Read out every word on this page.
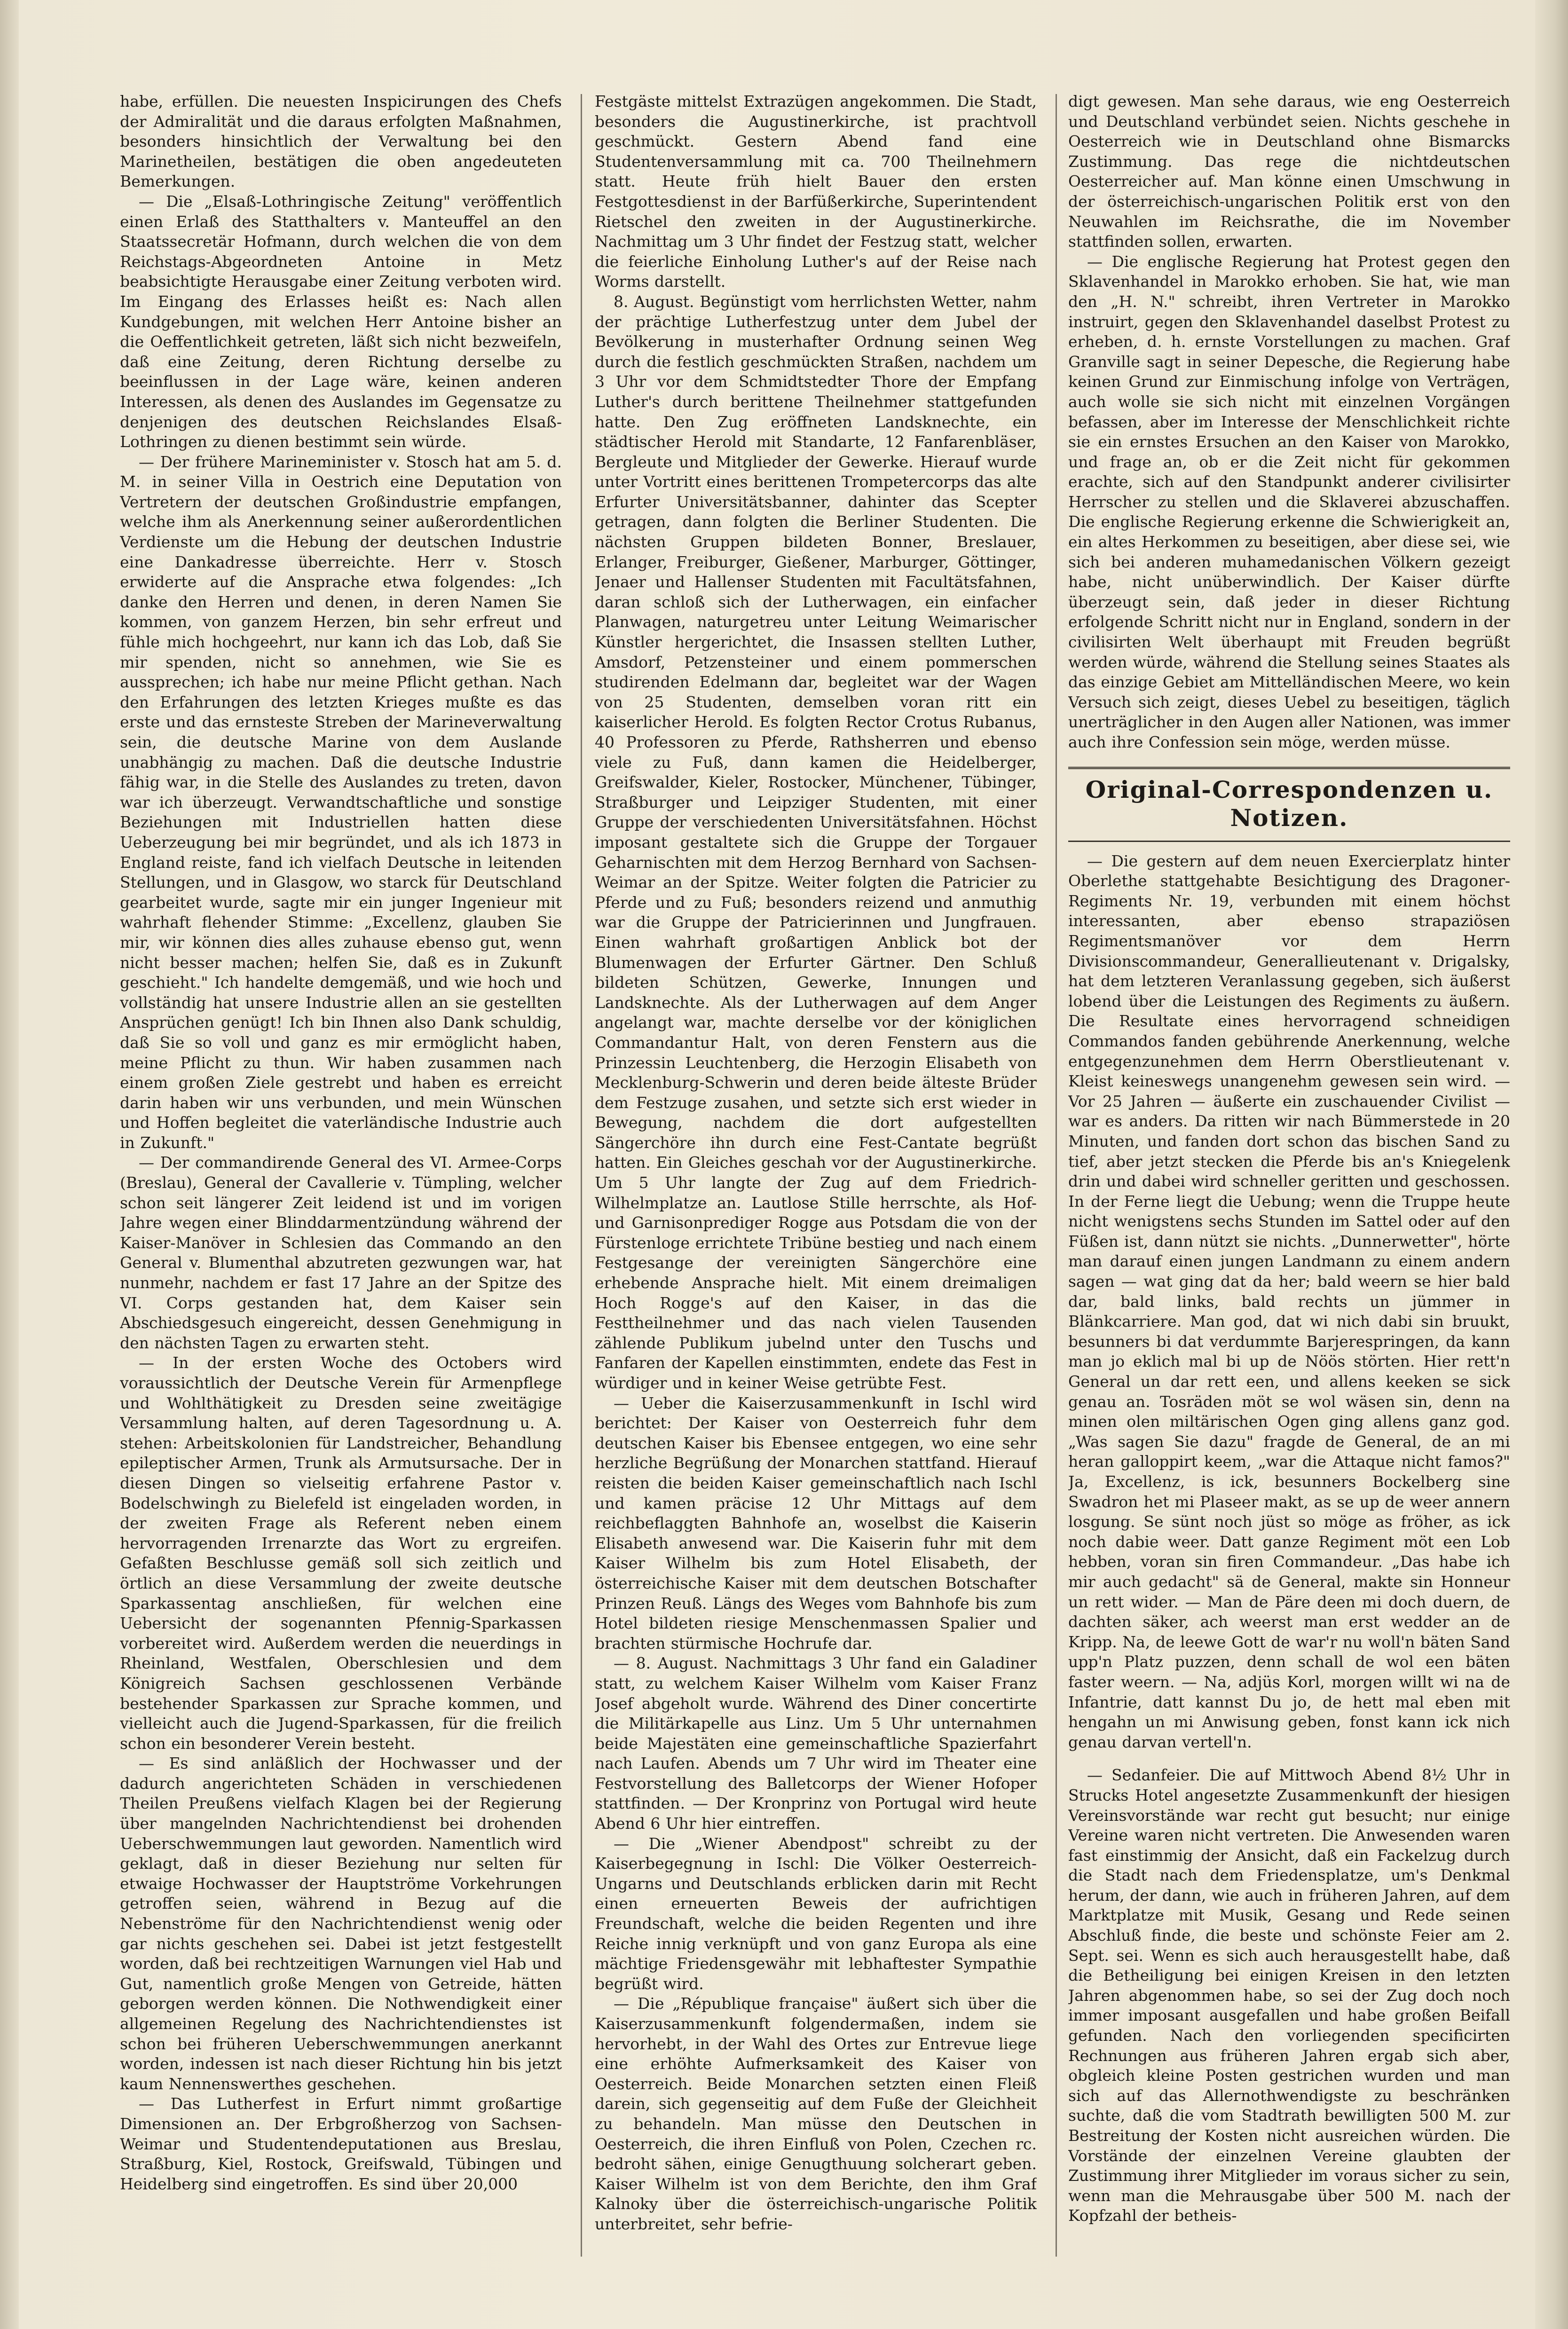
habe, erfüllen. Die neuesten Inspicirungen des Chefs der Admiralität und die daraus erfolgten Maßnahmen, besonders hinsichtlich der Verwaltung bei den Marinetheilen, bestätigen die oben angedeuteten Bemerkungen.

— Die „Elsaß-Lothringische Zeitung" veröffentlich einen Erlaß des Statthalters v. Manteuffel an den Staatssecretär Hofmann, durch welchen die von dem Reichstags-Abgeordneten Antoine in Metz beabsichtigte Herausgabe einer Zeitung verboten wird. Im Eingang des Erlasses heißt es: Nach allen Kundgebungen, mit welchen Herr Antoine bisher an die Oeffentlichkeit getreten, läßt sich nicht bezweifeln, daß eine Zeitung, deren Richtung derselbe zu beeinflussen in der Lage wäre, keinen anderen Interessen, als denen des Auslandes im Gegensatze zu denjenigen des deutschen Reichslandes Elsaß-Lothringen zu dienen bestimmt sein würde.

— Der frühere Marineminister v. Stosch hat am 5. d. M. in seiner Villa in Oestrich eine Deputation von Vertretern der deutschen Großindustrie empfangen, welche ihm als Anerkennung seiner außerordentlichen Verdienste um die Hebung der deutschen Industrie eine Dankadresse überreichte. Herr v. Stosch erwiderte auf die Ansprache etwa folgendes: „Ich danke den Herren und denen, in deren Namen Sie kommen, von ganzem Herzen, bin sehr erfreut und fühle mich hochgeehrt, nur kann ich das Lob, daß Sie mir spenden, nicht so annehmen, wie Sie es aussprechen; ich habe nur meine Pflicht gethan. Nach den Erfahrungen des letzten Krieges mußte es das erste und das ernsteste Streben der Marineverwaltung sein, die deutsche Marine von dem Auslande unabhängig zu machen. Daß die deutsche Industrie fähig war, in die Stelle des Auslandes zu treten, davon war ich überzeugt. Verwandtschaftliche und sonstige Beziehungen mit Industriellen hatten diese Ueberzeugung bei mir begründet, und als ich 1873 in England reiste, fand ich vielfach Deutsche in leitenden Stellungen, und in Glasgow, wo starck für Deutschland gearbeitet wurde, sagte mir ein junger Ingenieur mit wahrhaft flehender Stimme: „Excellenz, glauben Sie mir, wir können dies alles zuhause ebenso gut, wenn nicht besser machen; helfen Sie, daß es in Zukunft geschieht." Ich handelte demgemäß, und wie hoch und vollständig hat unsere Industrie allen an sie gestellten Ansprüchen genügt! Ich bin Ihnen also Dank schuldig, daß Sie so voll und ganz es mir ermöglicht haben, meine Pflicht zu thun. Wir haben zusammen nach einem großen Ziele gestrebt und haben es erreicht darin haben wir uns verbunden, und mein Wünschen und Hoffen begleitet die vaterländische Industrie auch in Zukunft."

— Der commandirende General des VI. Armee-Corps (Breslau), General der Cavallerie v. Tümpling, welcher schon seit längerer Zeit leidend ist und im vorigen Jahre wegen einer Blinddarmentzündung während der Kaiser-Manöver in Schlesien das Commando an den General v. Blumenthal abzutreten gezwungen war, hat nunmehr, nachdem er fast 17 Jahre an der Spitze des VI. Corps gestanden hat, dem Kaiser sein Abschiedsgesuch eingereicht, dessen Genehmigung in den nächsten Tagen zu erwarten steht.

— In der ersten Woche des Octobers wird voraussichtlich der Deutsche Verein für Armenpflege und Wohlthätigkeit zu Dresden seine zweitägige Versammlung halten, auf deren Tagesordnung u. A. stehen: Arbeitskolonien für Landstreicher, Behandlung epileptischer Armen, Trunk als Armutsursache. Der in diesen Dingen so vielseitig erfahrene Pastor v. Bodelschwingh zu Bielefeld ist eingeladen worden, in der zweiten Frage als Referent neben einem hervorragenden Irrenarzte das Wort zu ergreifen. Gefaßten Beschlusse gemäß soll sich zeitlich und örtlich an diese Versammlung der zweite deutsche Sparkassentag anschließen, für welchen eine Uebersicht der sogenannten Pfennig-Sparkassen vorbereitet wird. Außerdem werden die neuerdings in Rheinland, Westfalen, Oberschlesien und dem Königreich Sachsen geschlossenen Verbände bestehender Sparkassen zur Sprache kommen, und vielleicht auch die Jugend-Sparkassen, für die freilich schon ein besonderer Verein besteht.

— Es sind anläßlich der Hochwasser und der dadurch angerichteten Schäden in verschiedenen Theilen Preußens vielfach Klagen bei der Regierung über mangelnden Nachrichtendienst bei drohenden Ueberschwemmungen laut geworden. Namentlich wird geklagt, daß in dieser Beziehung nur selten für etwaige Hochwasser der Hauptströme Vorkehrungen getroffen seien, während in Bezug auf die Nebenströme für den Nachrichtendienst wenig oder gar nichts geschehen sei. Dabei ist jetzt festgestellt worden, daß bei rechtzeitigen Warnungen viel Hab und Gut, namentlich große Mengen von Getreide, hätten geborgen werden können. Die Nothwendigkeit einer allgemeinen Regelung des Nachrichtendienstes ist schon bei früheren Ueberschwemmungen anerkannt worden, indessen ist nach dieser Richtung hin bis jetzt kaum Nennenswerthes geschehen.

— Das Lutherfest in Erfurt nimmt großartige Dimensionen an. Der Erbgroßherzog von Sachsen-Weimar und Studentendeputationen aus Breslau, Straßburg, Kiel, Rostock, Greifswald, Tübingen und Heidelberg sind eingetroffen. Es sind über 20,000

Festgäste mittelst Extrazügen angekommen. Die Stadt, besonders die Augustinerkirche, ist prachtvoll geschmückt. Gestern Abend fand eine Studentenversammlung mit ca. 700 Theilnehmern statt. Heute früh hielt Bauer den ersten Festgottesdienst in der Barfüßerkirche, Superintendent Rietschel den zweiten in der Augustinerkirche. Nachmittag um 3 Uhr findet der Festzug statt, welcher die feierliche Einholung Luther's auf der Reise nach Worms darstellt.

8. August. Begünstigt vom herrlichsten Wetter, nahm der prächtige Lutherfestzug unter dem Jubel der Bevölkerung in musterhafter Ordnung seinen Weg durch die festlich geschmückten Straßen, nachdem um 3 Uhr vor dem Schmidtstedter Thore der Empfang Luther's durch berittene Theilnehmer stattgefunden hatte. Den Zug eröffneten Landsknechte, ein städtischer Herold mit Standarte, 12 Fanfarenbläser, Bergleute und Mitglieder der Gewerke. Hierauf wurde unter Vortritt eines berittenen Trompetercorps das alte Erfurter Universitätsbanner, dahinter das Scepter getragen, dann folgten die Berliner Studenten. Die nächsten Gruppen bildeten Bonner, Breslauer, Erlanger, Freiburger, Gießener, Marburger, Göttinger, Jenaer und Hallenser Studenten mit Facultätsfahnen, daran schloß sich der Lutherwagen, ein einfacher Planwagen, naturgetreu unter Leitung Weimarischer Künstler hergerichtet, die Insassen stellten Luther, Amsdorf, Petzensteiner und einem pommerschen studirenden Edelmann dar, begleitet war der Wagen von 25 Studenten, demselben voran ritt ein kaiserlicher Herold. Es folgten Rector Crotus Rubanus, 40 Professoren zu Pferde, Rathsherren und ebenso viele zu Fuß, dann kamen die Heidelberger, Greifswalder, Kieler, Rostocker, Münchener, Tübinger, Straßburger und Leipziger Studenten, mit einer Gruppe der verschiedenten Universitätsfahnen. Höchst imposant gestaltete sich die Gruppe der Torgauer Geharnischten mit dem Herzog Bernhard von Sachsen-Weimar an der Spitze. Weiter folgten die Patricier zu Pferde und zu Fuß; besonders reizend und anmuthig war die Gruppe der Patricierinnen und Jungfrauen. Einen wahrhaft großartigen Anblick bot der Blumenwagen der Erfurter Gärtner. Den Schluß bildeten Schützen, Gewerke, Innungen und Landsknechte. Als der Lutherwagen auf dem Anger angelangt war, machte derselbe vor der königlichen Commandantur Halt, von deren Fenstern aus die Prinzessin Leuchtenberg, die Herzogin Elisabeth von Mecklenburg-Schwerin und deren beide älteste Brüder dem Festzuge zusahen, und setzte sich erst wieder in Bewegung, nachdem die dort aufgestellten Sängerchöre ihn durch eine Fest-Cantate begrüßt hatten. Ein Gleiches geschah vor der Augustinerkirche. Um 5 Uhr langte der Zug auf dem Friedrich-Wilhelmplatze an. Lautlose Stille herrschte, als Hof- und Garnisonprediger Rogge aus Potsdam die von der Fürstenloge errichtete Tribüne bestieg und nach einem Festgesange der vereinigten Sängerchöre eine erhebende Ansprache hielt. Mit einem dreimaligen Hoch Rogge's auf den Kaiser, in das die Festtheilnehmer und das nach vielen Tausenden zählende Publikum jubelnd unter den Tuschs und Fanfaren der Kapellen einstimmten, endete das Fest in würdiger und in keiner Weise getrübte Fest.

— Ueber die Kaiserzusammenkunft in Ischl wird berichtet: Der Kaiser von Oesterreich fuhr dem deutschen Kaiser bis Ebensee entgegen, wo eine sehr herzliche Begrüßung der Monarchen stattfand. Hierauf reisten die beiden Kaiser gemeinschaftlich nach Ischl und kamen präcise 12 Uhr Mittags auf dem reichbeflaggten Bahnhofe an, woselbst die Kaiserin Elisabeth anwesend war. Die Kaiserin fuhr mit dem Kaiser Wilhelm bis zum Hotel Elisabeth, der österreichische Kaiser mit dem deutschen Botschafter Prinzen Reuß. Längs des Weges vom Bahnhofe bis zum Hotel bildeten riesige Menschenmassen Spalier und brachten stürmische Hochrufe dar.

— 8. August. Nachmittags 3 Uhr fand ein Galadiner statt, zu welchem Kaiser Wilhelm vom Kaiser Franz Josef abgeholt wurde. Während des Diner concertirte die Militärkapelle aus Linz. Um 5 Uhr unternahmen beide Majestäten eine gemeinschaftliche Spazierfahrt nach Laufen. Abends um 7 Uhr wird im Theater eine Festvorstellung des Balletcorps der Wiener Hofoper stattfinden. — Der Kronprinz von Portugal wird heute Abend 6 Uhr hier eintreffen.

— Die „Wiener Abendpost" schreibt zu der Kaiserbegegnung in Ischl: Die Völker Oesterreich-Ungarns und Deutschlands erblicken darin mit Recht einen erneuerten Beweis der aufrichtigen Freundschaft, welche die beiden Regenten und ihre Reiche innig verknüpft und von ganz Europa als eine mächtige Friedensgewähr mit lebhaftester Sympathie begrüßt wird.

— Die „République française" äußert sich über die Kaiserzusammenkunft folgendermaßen, indem sie hervorhebt, in der Wahl des Ortes zur Entrevue liege eine erhöhte Aufmerksamkeit des Kaiser von Oesterreich. Beide Monarchen setzten einen Fleiß darein, sich gegenseitig auf dem Fuße der Gleichheit zu behandeln. Man müsse den Deutschen in Oesterreich, die ihren Einfluß von Polen, Czechen rc. bedroht sähen, einige Genugthuung solcherart geben. Kaiser Wilhelm ist von dem Berichte, den ihm Graf Kalnoky über die österreichisch-ungarische Politik unterbreitet, sehr befrie-

digt gewesen. Man sehe daraus, wie eng Oesterreich und Deutschland verbündet seien. Nichts geschehe in Oesterreich wie in Deutschland ohne Bismarcks Zustimmung. Das rege die nichtdeutschen Oesterreicher auf. Man könne einen Umschwung in der österreichisch-ungarischen Politik erst von den Neuwahlen im Reichsrathe, die im November stattfinden sollen, erwarten.

— Die englische Regierung hat Protest gegen den Sklavenhandel in Marokko erhoben. Sie hat, wie man den „H. N." schreibt, ihren Vertreter in Marokko instruirt, gegen den Sklavenhandel daselbst Protest zu erheben, d. h. ernste Vorstellungen zu machen. Graf Granville sagt in seiner Depesche, die Regierung habe keinen Grund zur Einmischung infolge von Verträgen, auch wolle sie sich nicht mit einzelnen Vorgängen befassen, aber im Interesse der Menschlichkeit richte sie ein ernstes Ersuchen an den Kaiser von Marokko, und frage an, ob er die Zeit nicht für gekommen erachte, sich auf den Standpunkt anderer civilisirter Herrscher zu stellen und die Sklaverei abzuschaffen. Die englische Regierung erkenne die Schwierigkeit an, ein altes Herkommen zu beseitigen, aber diese sei, wie sich bei anderen muhamedanischen Völkern gezeigt habe, nicht unüberwindlich. Der Kaiser dürfte überzeugt sein, daß jeder in dieser Richtung erfolgende Schritt nicht nur in England, sondern in der civilisirten Welt überhaupt mit Freuden begrüßt werden würde, während die Stellung seines Staates als das einzige Gebiet am Mittelländischen Meere, wo kein Versuch sich zeigt, dieses Uebel zu beseitigen, täglich unerträglicher in den Augen aller Nationen, was immer auch ihre Confession sein möge, werden müsse.

Original-Correspondenzen u. Notizen.

— Die gestern auf dem neuen Exercierplatz hinter Oberlethe stattgehabte Besichtigung des Dragoner-Regiments Nr. 19, verbunden mit einem höchst interessanten, aber ebenso strapaziösen Regimentsmanöver vor dem Herrn Divisionscommandeur, Generallieutenant v. Drigalsky, hat dem letzteren Veranlassung gegeben, sich äußerst lobend über die Leistungen des Regiments zu äußern. Die Resultate eines hervorragend schneidigen Commandos fanden gebührende Anerkennung, welche entgegenzunehmen dem Herrn Oberstlieutenant v. Kleist keineswegs unangenehm gewesen sein wird. — Vor 25 Jahren — äußerte ein zuschauender Civilist — war es anders. Da ritten wir nach Bümmerstede in 20 Minuten, und fanden dort schon das bischen Sand zu tief, aber jetzt stecken die Pferde bis an's Kniegelenk drin und dabei wird schneller geritten und geschossen. In der Ferne liegt die Uebung; wenn die Truppe heute nicht wenigstens sechs Stunden im Sattel oder auf den Füßen ist, dann nützt sie nichts. „Dunnerwetter", hörte man darauf einen jungen Landmann zu einem andern sagen — wat ging dat da her; bald weern se hier bald dar, bald links, bald rechts un jümmer in Blänkcarriere. Man god, dat wi nich dabi sin bruukt, besunners bi dat verdummte Barjerespringen, da kann man jo eklich mal bi up de Nöös störten. Hier rett'n General un dar rett een, und allens keeken se sick genau an. Tosräden möt se wol wäsen sin, denn na minen olen miltärischen Ogen ging allens ganz god. „Was sagen Sie dazu" fragde de General, de an mi heran galloppirt keem, „war die Attaque nicht famos?" Ja, Excellenz, is ick, besunners Bockelberg sine Swadron het mi Plaseer makt, as se up de weer annern losgung. Se sünt noch jüst so möge as fröher, as ick noch dabie weer. Datt ganze Regiment möt een Lob hebben, voran sin firen Commandeur. „Das habe ich mir auch gedacht" sä de General, makte sin Honneur un rett wider. — Man de Päre deen mi doch duern, de dachten säker, ach weerst man erst wedder an de Kripp. Na, de leewe Gott de war'r nu woll'n bäten Sand upp'n Platz puzzen, denn schall de wol een bäten faster weern. — Na, adjüs Korl, morgen willt wi na de Infantrie, datt kannst Du jo, de hett mal eben mit hengahn un mi Anwisung geben, fonst kann ick nich genau darvan vertell'n.

— Sedanfeier. Die auf Mittwoch Abend 8½ Uhr in Strucks Hotel angesetzte Zusammenkunft der hiesigen Vereinsvorstände war recht gut besucht; nur einige Vereine waren nicht vertreten. Die Anwesenden waren fast einstimmig der Ansicht, daß ein Fackelzug durch die Stadt nach dem Friedensplatze, um's Denkmal herum, der dann, wie auch in früheren Jahren, auf dem Marktplatze mit Musik, Gesang und Rede seinen Abschluß finde, die beste und schönste Feier am 2. Sept. sei. Wenn es sich auch herausgestellt habe, daß die Betheiligung bei einigen Kreisen in den letzten Jahren abgenommen habe, so sei der Zug doch noch immer imposant ausgefallen und habe großen Beifall gefunden. Nach den vorliegenden specificirten Rechnungen aus früheren Jahren ergab sich aber, obgleich kleine Posten gestrichen wurden und man sich auf das Allernothwendigste zu beschränken suchte, daß die vom Stadtrath bewilligten 500 M. zur Bestreitung der Kosten nicht ausreichen würden. Die Vorstände der einzelnen Vereine glaubten der Zustimmung ihrer Mitglieder im voraus sicher zu sein, wenn man die Mehrausgabe über 500 M. nach der Kopfzahl der betheis-
